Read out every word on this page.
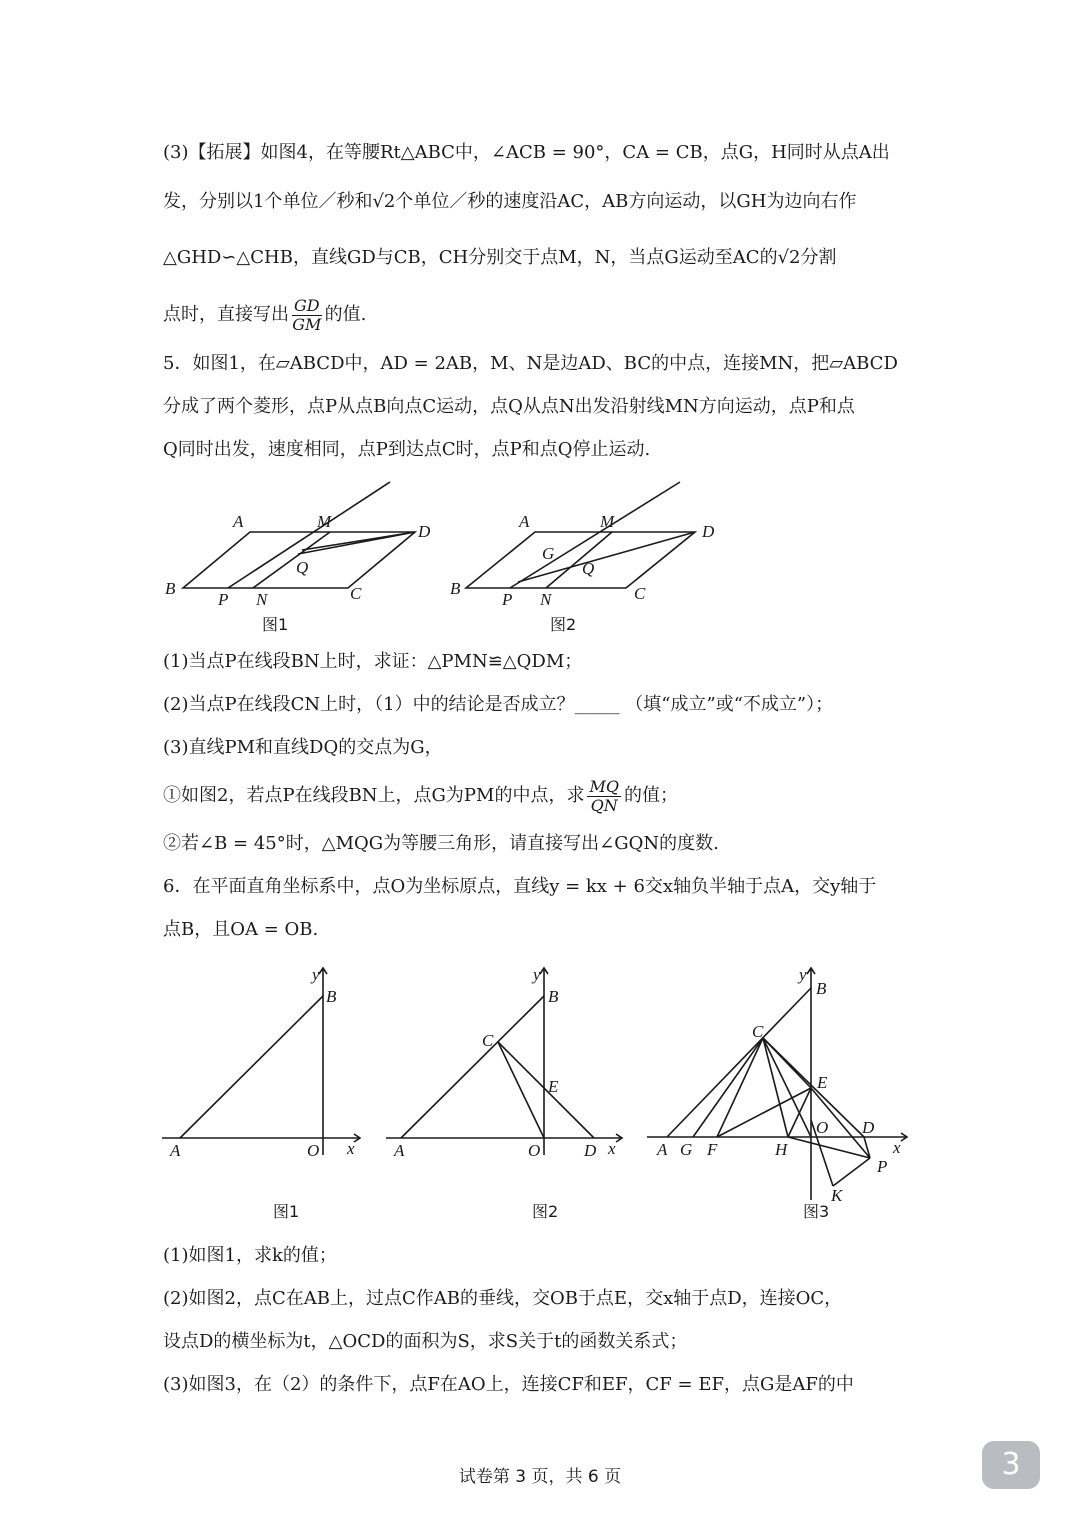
(3)【拓展】如图4，在等腰Rt△ABC中，∠ACB = 90°，CA = CB，点G，H同时从点A出
发，分别以1个单位／秒和√2个单位／秒的速度沿AC，AB方向运动，以GH为边向右作
△GHD∽△CHB，直线GD与CB，CH分别交于点M，N，当点G运动至AC的√2分割
点时，直接写出 $\frac{GD}{GM}$ 的值.
5．如图1，在▱ABCD中，AD = 2AB，M、N是边AD、BC的中点，连接MN，把▱ABCD
分成了两个菱形，点P从点B向点C运动，点Q从点N出发沿射线MN方向运动，点P和点
Q同时出发，速度相同，点P到达点C时，点P和点Q停止运动.
A	M
D
B
P N	C
Q
图1
A	M
D
B
P N	C
G
Q
图2
(1)当点P在线段BN上时，求证：△PMN≌△QDM；
(2)当点P在线段CN上时，（1）中的结论是否成立？_____ （填“成立”或“不成立”）；
(3)直线PM和直线DQ的交点为G，
①如图2，若点P在线段BN上，点G为PM的中点，求 $\frac{MQ}{QN}$ 的值；
②若∠B = 45°时，△MQG为等腰三角形，请直接写出∠GQN的度数.
6．在平面直角坐标系中，点O为坐标原点，直线y = kx + 6交x轴负半轴于点A，交y轴于
点B，且OA = OB.
y
B
A	O x
图1
y
B
C
E
A	O	D x
图2
y
B
C
E
O D
x
A G F	H
P
K
图3
(1)如图1，求k的值；
(2)如图2，点C在AB上，过点C作AB的垂线，交OB于点E，交x轴于点D，连接OC，
设点D的横坐标为t，△OCD的面积为S，求S关于t的函数关系式；
(3)如图3，在（2）的条件下，点F在AO上，连接CF和EF，CF = EF，点G是AF的中
试卷第 3 页，共 6 页	3
